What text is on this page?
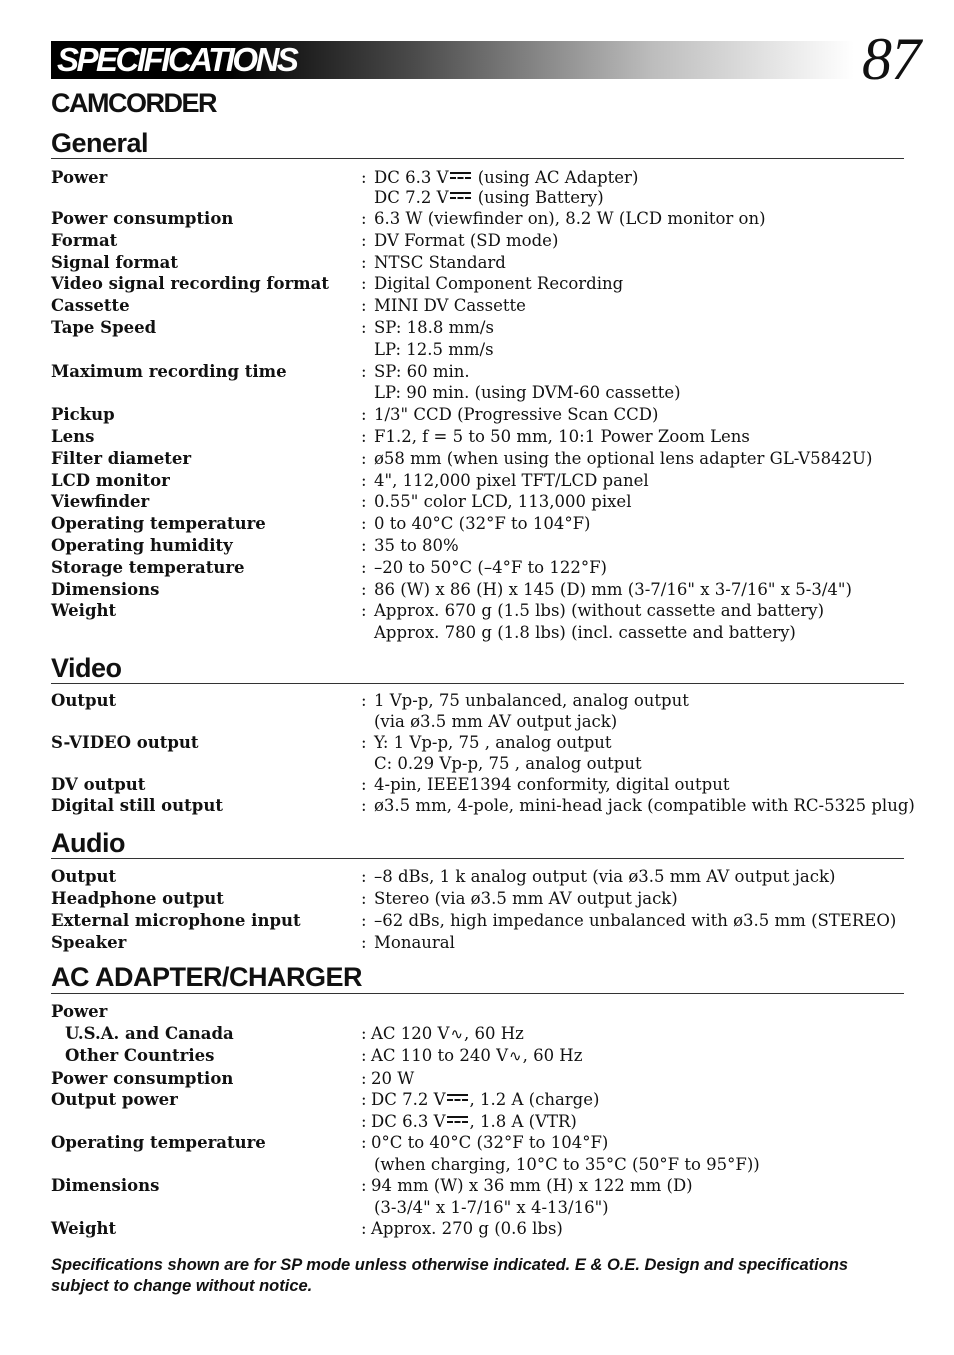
SPECIFICATIONS	87
CAMCORDER
General
Power	: DC 6.3 V (using AC Adapter)
DC 7.2 V (using Battery)
Power consumption	: 6.3 W (viewfinder on), 8.2 W (LCD monitor on)
Format	: DV Format (SD mode)
Signal format	: NTSC Standard
Video signal recording format : Digital Component Recording
Cassette	: MINI DV Cassette
Tape Speed	: SP: 18.8 mm/s
LP: 12.5 mm/s
Maximum recording time	: SP: 60 min.
LP: 90 min. (using DVM-60 cassette)
Pickup	: 1/3" CCD (Progressive Scan CCD)
Lens	: F1.2, f = 5 to 50 mm, 10:1 Power Zoom Lens
Filter diameter	: ø58 mm (when using the optional lens adapter GL-V5842U)
LCD monitor	: 4", 112,000 pixel TFT/LCD panel
Viewfinder	: 0.55" color LCD, 113,000 pixel
Operating temperature	: 0 to 40°C (32°F to 104°F)
Operating humidity	: 35 to 80%
Storage temperature	: –20 to 50°C (–4°F to 122°F)
Dimensions	: 86 (W) x 86 (H) x 145 (D) mm (3-7/16" x 3-7/16" x 5-3/4")
Weight	: Approx. 670 g (1.5 lbs) (without cassette and battery)
Approx. 780 g (1.8 lbs) (incl. cassette and battery)
Video
Output	: 1 Vp-p, 75 unbalanced, analog output
(via ø3.5 mm AV output jack)
S-VIDEO output	: Y: 1 Vp-p, 75 , analog output
C: 0.29 Vp-p, 75 , analog output
DV output	: 4-pin, IEEE1394 conformity, digital output
Digital still output	: ø3.5 mm, 4-pole, mini-head jack (compatible with RC-5325 plug)
Audio
Output	: –8 dBs, 1 k analog output (via ø3.5 mm AV output jack)
Headphone output	: Stereo (via ø3.5 mm AV output jack)
External microphone input	: –62 dBs, high impedance unbalanced with ø3.5 mm (STEREO)
Speaker	: Monaural
AC ADAPTER/CHARGER
Power

U.S.A. and Canada	: AC 120 V∿, 60 Hz
Other Countries	: AC 110 to 240 V∿, 60 Hz
Power consumption	: 20 W
Output power	: DC 7.2 V , 1.2 A (charge)
: DC 6.3 V , 1.8 A (VTR)
Operating temperature	: 0°C to 40°C (32°F to 104°F)
(when charging, 10°C to 35°C (50°F to 95°F))
Dimensions	: 94 mm (W) x 36 mm (H) x 122 mm (D)
(3-3/4" x 1-7/16" x 4-13/16")
Weight	: Approx. 270 g (0.6 lbs)
Specifications shown are for SP mode unless otherwise indicated. E & O.E. Design and specifications subject to change without notice.
